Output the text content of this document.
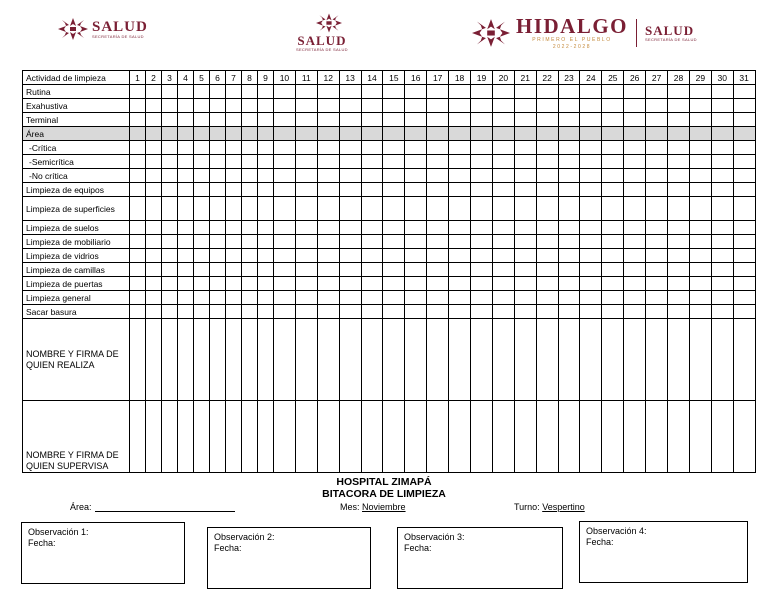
SALUD
SECRETARÍA DE SALUD	SALUD
SECRETARÍA DE SALUD
HIDALGO
PRIMERO EL PUEBLO
2022-2028
SALUD
SECRETARÍA DE SALUD
Actividad de limpieza	1	2	3	4	5	6	7	8	9	10	11	12	13	14	15	16	17	18	19	20	21	22	23	24	25	26	27	28	29	30	31
Rutina																															
Exahustiva																															
Terminal																															
Área																															
-Crítica																															
-Semicrítica																															
-No crítica																															
Limpieza de equipos																															
Limpieza de superficies																															
Limpieza de suelos																															
Limpieza de mobiliario																															
Limpieza de vidrios																															
Limpieza de camillas																															
Limpieza de puertas																															
Limpieza general																															
Sacar basura																															
NOMBRE Y FIRMA DE QUIEN REALIZA																															
NOMBRE Y FIRMA DE QUIEN SUPERVISA																															
HOSPITAL ZIMAPÁ
BITACORA DE LIMPIEZA
Área:	Mes: Noviembre	Turno: Vespertino
Observación 1:
Fecha:
Observación 2:
Fecha:
Observación 3:
Fecha:
Observación 4:
Fecha:
